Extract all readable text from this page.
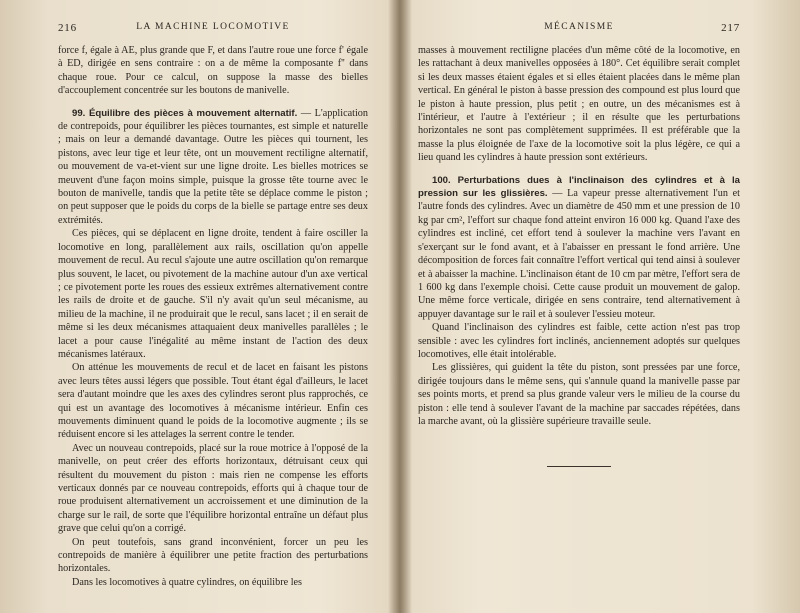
216	LA MACHINE LOCOMOTIVE

force f, égale à AE, plus grande que F, et dans l'autre roue une force f' égale à ED, dirigée en sens contraire : on a de même la composante f'' dans chaque roue. Pour ce calcul, on suppose la masse des bielles d'accouplement concentrée sur les boutons de manivelle.

99. Équilibre des pièces à mouvement alternatif. — L'application de contrepoids, pour équilibrer les pièces tournantes, est simple et naturelle ; mais on leur a demandé davantage. Outre les pièces qui tournent, les pistons, avec leur tige et leur tête, ont un mouvement rectiligne alternatif, ou mouvement de va-et-vient sur une ligne droite. Les bielles motrices se meuvent d'une façon moins simple, puisque la grosse tête tourne avec le bouton de manivelle, tandis que la petite tête se déplace comme le piston ; on peut supposer que le poids du corps de la bielle se partage entre ses deux extrémités.

Ces pièces, qui se déplacent en ligne droite, tendent à faire osciller la locomotive en long, parallèlement aux rails, oscillation qu'on appelle mouvement de recul. Au recul s'ajoute une autre oscillation qu'on remarque plus souvent, le lacet, ou pivotement de la machine autour d'un axe vertical ; ce pivotement porte les roues des essieux extrêmes alternativement contre les rails de droite et de gauche. S'il n'y avait qu'un seul mécanisme, au milieu de la machine, il ne produirait que le recul, sans lacet ; il en serait de même si les deux mécanismes attaquaient deux manivelles parallèles ; le lacet a pour cause l'inégalité au même instant de l'action des deux mécanismes latéraux.

On atténue les mouvements de recul et de lacet en faisant les pistons avec leurs têtes aussi légers que possible. Tout étant égal d'ailleurs, le lacet sera d'autant moindre que les axes des cylindres seront plus rapprochés, ce qui est un avantage des locomotives à mécanisme intérieur. Enfin ces mouvements diminuent quand le poids de la locomotive augmente ; ils se réduisent encore si les attelages la serrent contre le tender.

Avec un nouveau contrepoids, placé sur la roue motrice à l'opposé de la manivelle, on peut créer des efforts horizontaux, détruisant ceux qui résultent du mouvement du piston : mais rien ne compense les efforts verticaux donnés par ce nouveau contrepoids, efforts qui à chaque tour de roue produisent alternativement un accroissement et une diminution de la charge sur le rail, de sorte que l'équilibre horizontal entraîne un défaut plus grave que celui qu'on a corrigé.

On peut toutefois, sans grand inconvénient, forcer un peu les contrepoids de manière à équilibrer une petite fraction des perturbations horizontales.

Dans les locomotives à quatre cylindres, on équilibre les

MÉCANISME	217

masses à mouvement rectiligne placées d'un même côté de la locomotive, en les rattachant à deux manivelles opposées à 180°. Cet équilibre serait complet si les deux masses étaient égales et si elles étaient placées dans le même plan vertical. En général le piston à basse pression des compound est plus lourd que le piston à haute pression, plus petit ; en outre, un des mécanismes est à l'intérieur, et l'autre à l'extérieur ; il en résulte que les perturbations horizontales ne sont pas complètement supprimées. Il est préférable que la masse la plus éloignée de l'axe de la locomotive soit la plus légère, ce qui a lieu quand les cylindres à haute pression sont extérieurs.

100. Perturbations dues à l'inclinaison des cylindres et à la pression sur les glissières. — La vapeur presse alternativement l'un et l'autre fonds des cylindres. Avec un diamètre de 450 mm et une pression de 10 kg par cm², l'effort sur chaque fond atteint environ 16 000 kg. Quand l'axe des cylindres est incliné, cet effort tend à soulever la machine vers l'avant en s'exerçant sur le fond avant, et à l'abaisser en pressant le fond arrière. Une décomposition de forces fait connaître l'effort vertical qui tend ainsi à soulever et à abaisser la machine. L'inclinaison étant de 10 cm par mètre, l'effort sera de 1 600 kg dans l'exemple choisi. Cette cause produit un mouvement de galop. Une même force verticale, dirigée en sens contraire, tend alternativement à appuyer davantage sur le rail et à soulever l'essieu moteur.

Quand l'inclinaison des cylindres est faible, cette action n'est pas trop sensible : avec les cylindres fort inclinés, anciennement adoptés sur quelques locomotives, elle était intolérable.

Les glissières, qui guident la tête du piston, sont pressées par une force, dirigée toujours dans le même sens, qui s'annule quand la manivelle passe par ses points morts, et prend sa plus grande valeur vers le milieu de la course du piston : elle tend à soulever l'avant de la machine par saccades répétées, dans la marche avant, où la glissière supérieure travaille seule.
